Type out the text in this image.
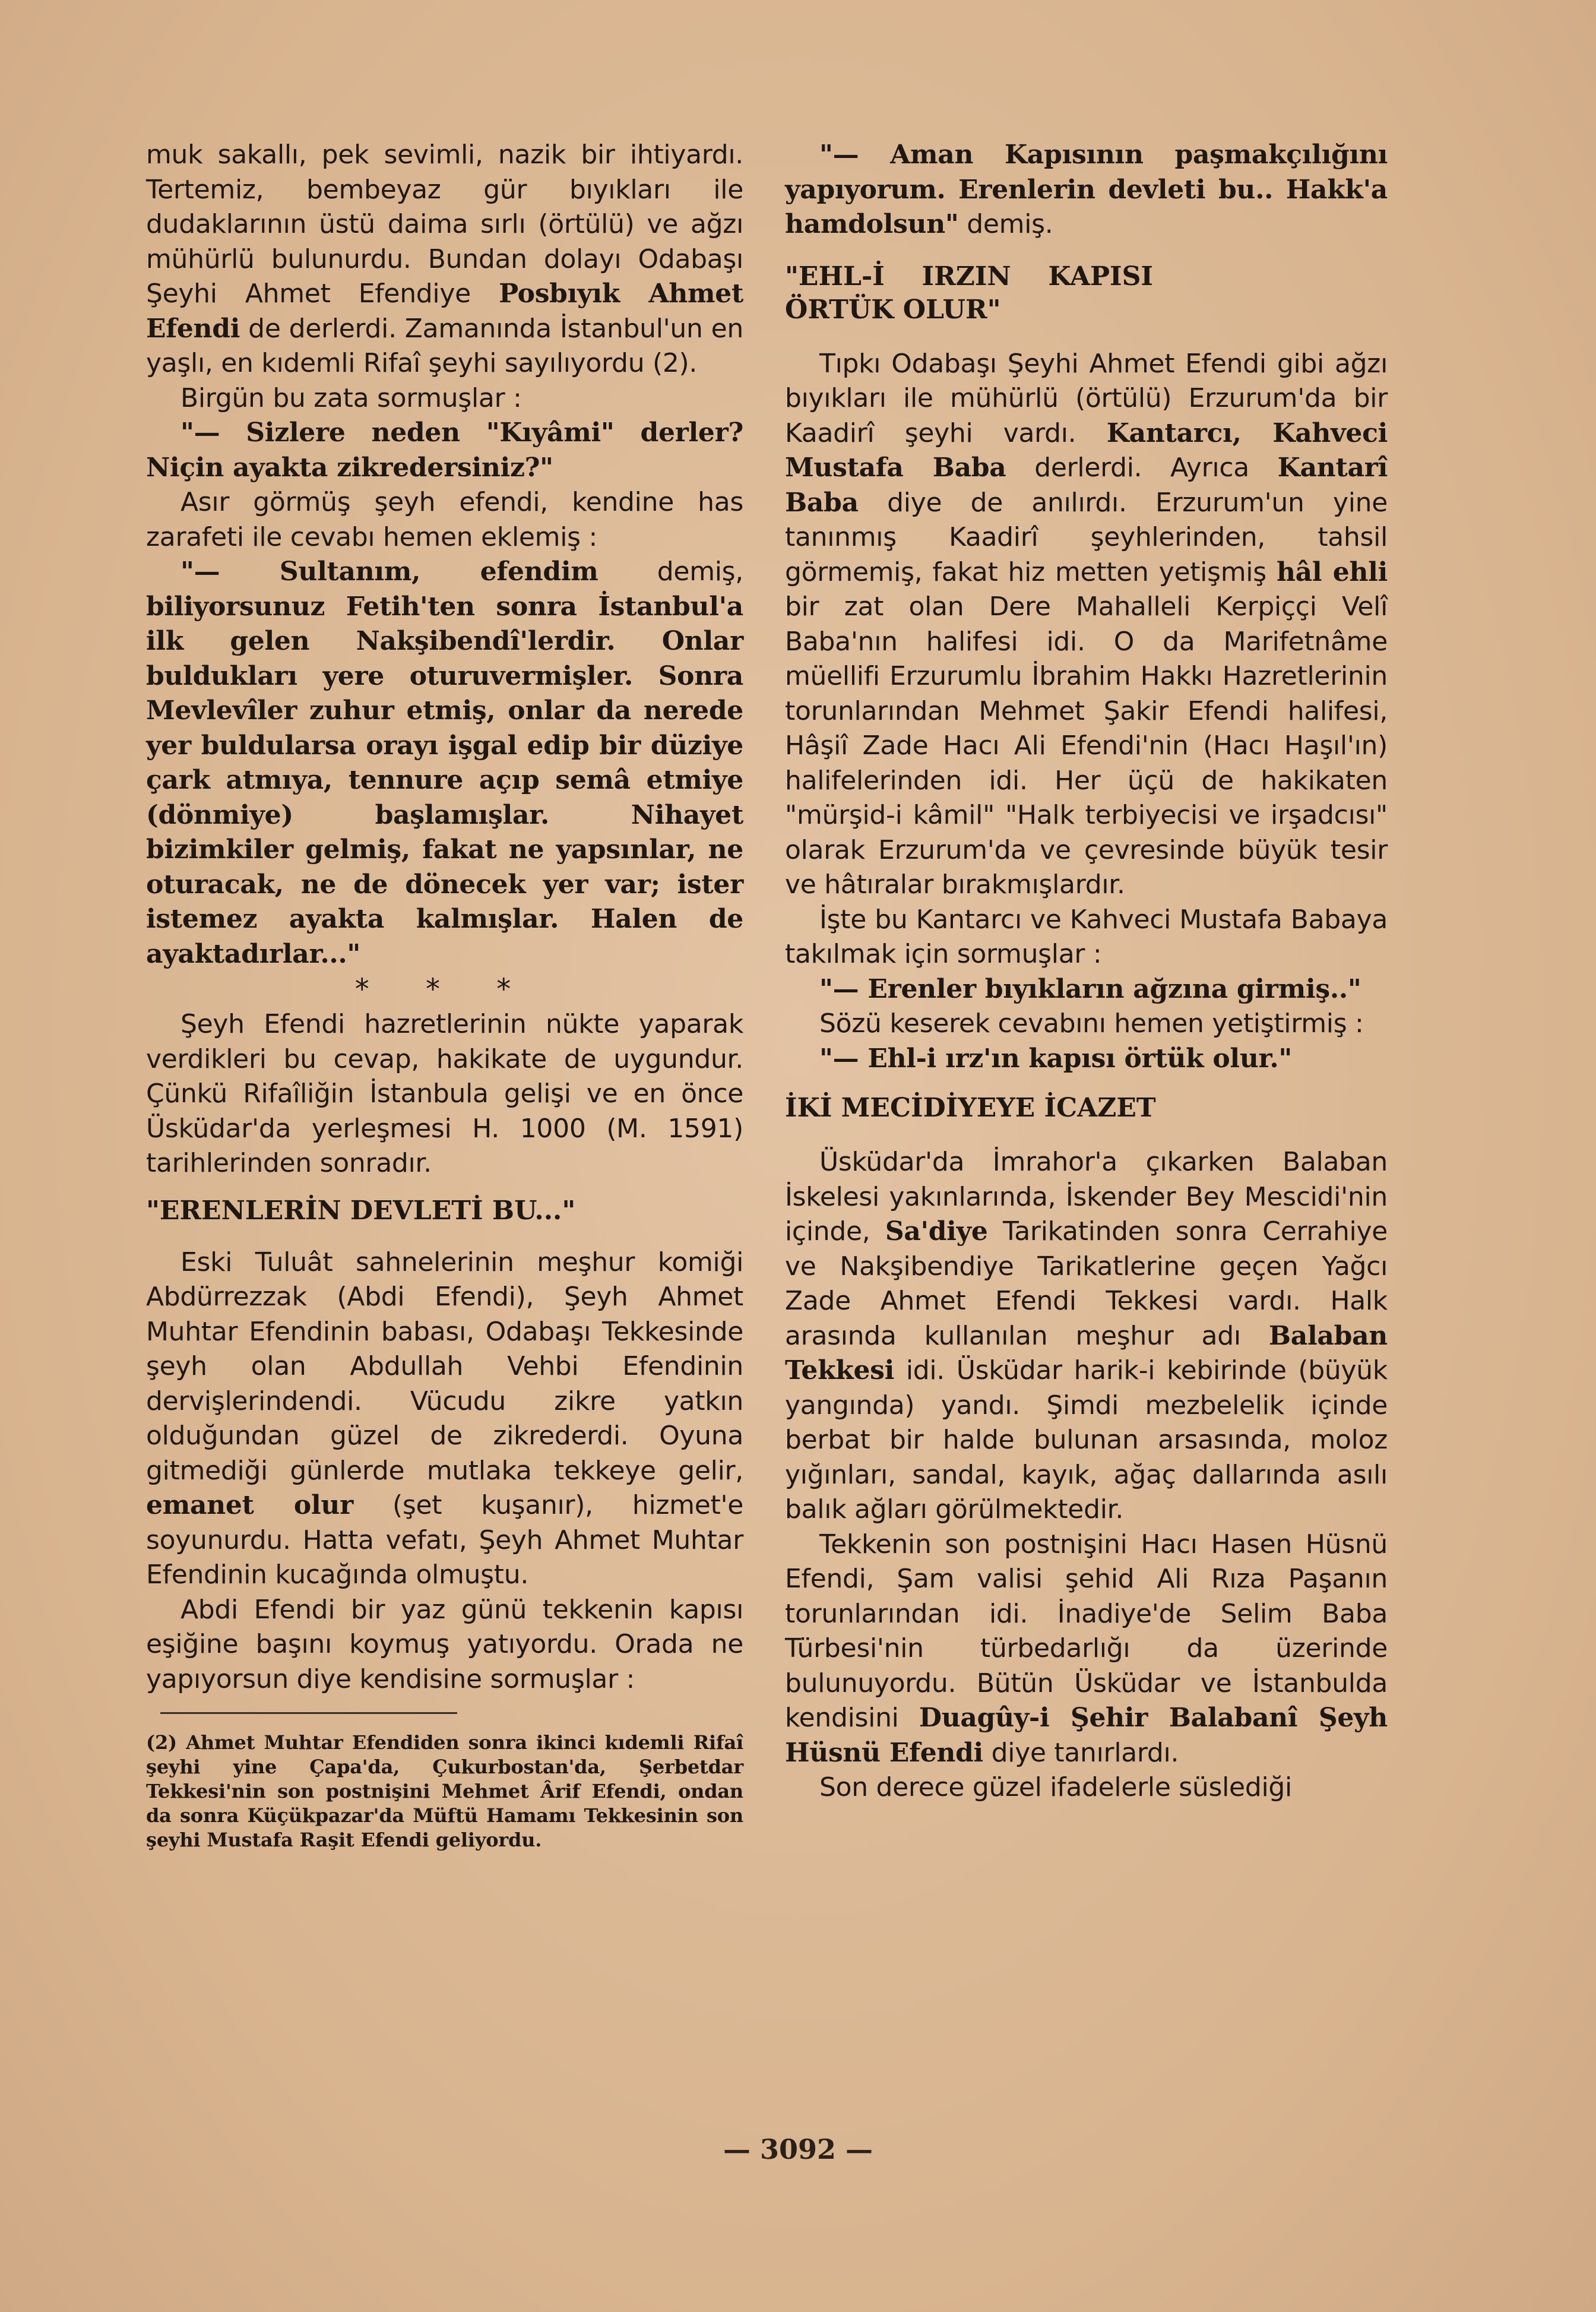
muk sakallı, pek sevimli, nazik bir ihtiyardı. Tertemiz, bembeyaz gür bıyıkları ile dudaklarının üstü daima sırlı (örtülü) ve ağzı mühürlü bulunurdu. Bundan dolayı Odabaşı Şeyhi Ahmet Efendiye Posbıyık Ahmet Efendi de derlerdi. Zamanında İstanbul'un en yaşlı, en kıdemli Rifaî şeyhi sayılıyordu (2).

Birgün bu zata sormuşlar :

"— Sizlere neden "Kıyâmi" derler? Niçin ayakta zikredersiniz?"

Asır görmüş şeyh efendi, kendine has zarafeti ile cevabı hemen eklemiş :

"— Sultanım, efendim demiş, biliyorsunuz Fetih'ten sonra İstanbul'a ilk gelen Nakşibendî'lerdir. Onlar buldukları yere oturuvermişler. Sonra Mevlevîler zuhur etmiş, onlar da nerede yer buldularsa orayı işgal edip bir düziye çark atmıya, tennure açıp semâ etmiye (dönmiye) başlamışlar. Nihayet bizimkiler gelmiş, fakat ne yapsınlar, ne oturacak, ne de dönecek yer var; ister istemez ayakta kalmışlar. Halen de ayaktadırlar..."

* * *

Şeyh Efendi hazretlerinin nükte yaparak verdikleri bu cevap, hakikate de uygundur. Çünkü Rifaîliğin İstanbula gelişi ve en önce Üsküdar'da yerleşmesi H. 1000 (M. 1591) tarihlerinden sonradır.

"ERENLERİN DEVLETİ BU..."

Eski Tuluât sahnelerinin meşhur komiği Abdürrezzak (Abdi Efendi), Şeyh Ahmet Muhtar Efendinin babası, Odabaşı Tekkesinde şeyh olan Abdullah Vehbi Efendinin dervişlerindendi. Vücudu zikre yatkın olduğundan güzel de zikrederdi. Oyuna gitmediği günlerde mutlaka tekkeye gelir, emanet olur (şet kuşanır), hizmet'e soyunurdu. Hatta vefatı, Şeyh Ahmet Muhtar Efendinin kucağında olmuştu.

Abdi Efendi bir yaz günü tekkenin kapısı eşiğine başını koymuş yatıyordu. Orada ne yapıyorsun diye kendisine sormuşlar :

(2) Ahmet Muhtar Efendiden sonra ikinci kıdemli Rifaî şeyhi yine Çapa'da, Çukurbostan'da, Şerbetdar Tekkesi'nin son postnişini Mehmet Ârif Efendi, ondan da sonra Küçükpazar'da Müftü Hamamı Tekkesinin son şeyhi Mustafa Raşit Efendi geliyordu.

"— Aman Kapısının paşmakçılığını yapıyorum. Erenlerin devleti bu.. Hakk'a hamdolsun" demiş.

"EHL-İ IRZIN KAPISI ÖRTÜK OLUR"

Tıpkı Odabaşı Şeyhi Ahmet Efendi gibi ağzı bıyıkları ile mühürlü (örtülü) Erzurum'da bir Kaadirî şeyhi vardı. Kantarcı, Kahveci Mustafa Baba derlerdi. Ayrıca Kantarî Baba diye de anılırdı. Erzurum'un yine tanınmış Kaadirî şeyhlerinden, tahsil görmemiş, fakat hiz metten yetişmiş hâl ehli bir zat olan Dere Mahalleli Kerpiççi Velî Baba'nın halifesi idi. O da Marifetnâme müellifi Erzurumlu İbrahim Hakkı Hazretlerinin torunlarından Mehmet Şakir Efendi halifesi, Hâşiî Zade Hacı Ali Efendi'nin (Hacı Haşıl'ın) halifelerinden idi. Her üçü de hakikaten "mürşid-i kâmil" "Halk terbiyecisi ve irşadcısı" olarak Erzurum'da ve çevresinde büyük tesir ve hâtıralar bırakmışlardır.

İşte bu Kantarcı ve Kahveci Mustafa Babaya takılmak için sormuşlar :

"— Erenler bıyıkların ağzına girmiş.."

Sözü keserek cevabını hemen yetiştirmiş :

"— Ehl-i ırz'ın kapısı örtük olur."

İKİ MECİDİYEYE İCAZET

Üsküdar'da İmrahor'a çıkarken Balaban İskelesi yakınlarında, İskender Bey Mescidi'nin içinde, Sa'diye Tarikatinden sonra Cerrahiye ve Nakşibendiye Tarikatlerine geçen Yağcı Zade Ahmet Efendi Tekkesi vardı. Halk arasında kullanılan meşhur adı Balaban Tekkesi idi. Üsküdar harik-i kebirinde (büyük yangında) yandı. Şimdi mezbelelik içinde berbat bir halde bulunan arsasında, moloz yığınları, sandal, kayık, ağaç dallarında asılı balık ağları görülmektedir.

Tekkenin son postnişini Hacı Hasen Hüsnü Efendi, Şam valisi şehid Ali Rıza Paşanın torunlarından idi. İnadiye'de Selim Baba Türbesi'nin türbedarlığı da üzerinde bulunuyordu. Bütün Üsküdar ve İstanbulda kendisini Duagûy-i Şehir Balabanî Şeyh Hüsnü Efendi diye tanırlardı.

Son derece güzel ifadelerle süslediği

— 3092 —
